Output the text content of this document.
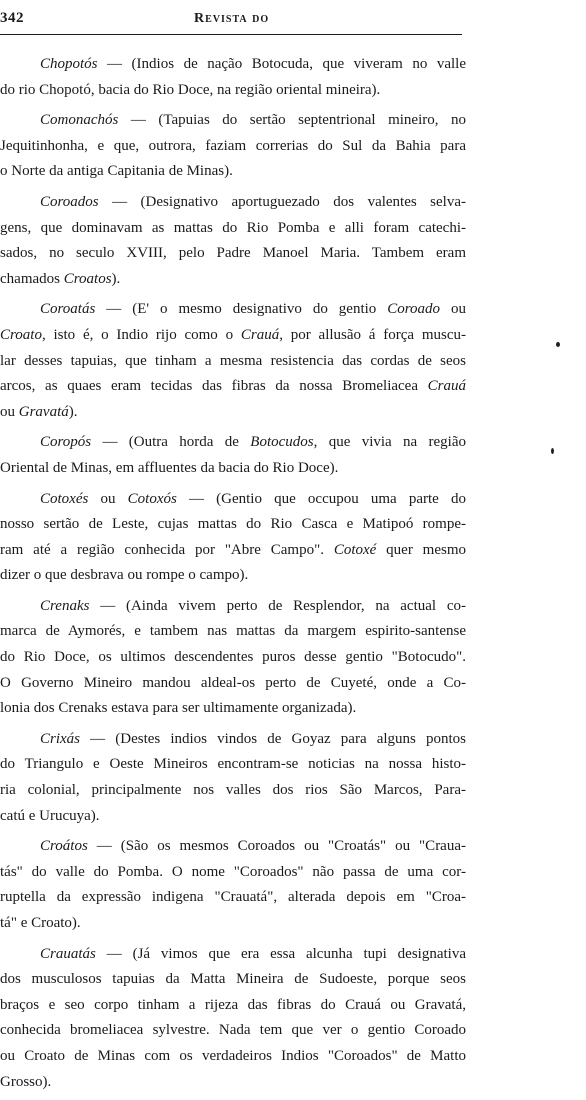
342	Revista do
Chopotós — (Indios de nação Botocuda, que viveram no valle
do rio Chopotó, bacia do Rio Doce, na região oriental mineira).
Comonachós — (Tapuias do sertão septentrional mineiro, no
Jequitinhonha, e que, outrora, faziam correrias do Sul da Bahia para
o Norte da antiga Capitania de Minas).
Coroados — (Designativo aportuguezado dos valentes selva-
gens, que dominavam as mattas do Rio Pomba e alli foram catechi-
sados, no seculo XVIII, pelo Padre Manoel Maria. Tambem eram
chamados Croatos).
Coroatás — (E' o mesmo designativo do gentio Coroado ou
Croato, isto é, o Indio rijo como o Crauá, por allusão á força muscu-
lar desses tapuias, que tinham a mesma resistencia das cordas de seos
arcos, as quaes eram tecidas das fibras da nossa Bromeliacea Crauá
ou Gravatá).
Coropós — (Outra horda de Botocudos, que vivia na região
Oriental de Minas, em affluentes da bacia do Rio Doce).
Cotoxés ou Cotoxós — (Gentio que occupou uma parte do
nosso sertão de Leste, cujas mattas do Rio Casca e Matipoó rompe-
ram até a região conhecida por "Abre Campo". Cotoxé quer mesmo
dizer o que desbrava ou rompe o campo).
Crenaks — (Ainda vivem perto de Resplendor, na actual co-
marca de Aymorés, e tambem nas mattas da margem espirito-santense
do Rio Doce, os ultimos descendentes puros desse gentio "Botocudo".
O Governo Mineiro mandou aldeal-os perto de Cuyeté, onde a Co-
lonia dos Crenaks estava para ser ultimamente organizada).
Crixás — (Destes indios vindos de Goyaz para alguns pontos
do Triangulo e Oeste Mineiros encontram-se noticias na nossa histo-
ria colonial, principalmente nos valles dos rios São Marcos, Para-
catú e Urucuya).
Croátos — (São os mesmos Coroados ou "Croatás" ou "Craua-
tás" do valle do Pomba. O nome "Coroados" não passa de uma cor-
ruptella da expressão indigena "Crauatá", alterada depois em "Croa-
tá" e Croato).
Crauatás — (Já vimos que era essa alcunha tupi designativa
dos musculosos tapuias da Matta Mineira de Sudoeste, porque seos
braços e seo corpo tinham a rijeza das fibras do Crauá ou Gravatá,
conhecida bromeliacea sylvestre. Nada tem que ver o gentio Coroado
ou Croato de Minas com os verdadeiros Indios "Coroados" de Matto
Grosso).
